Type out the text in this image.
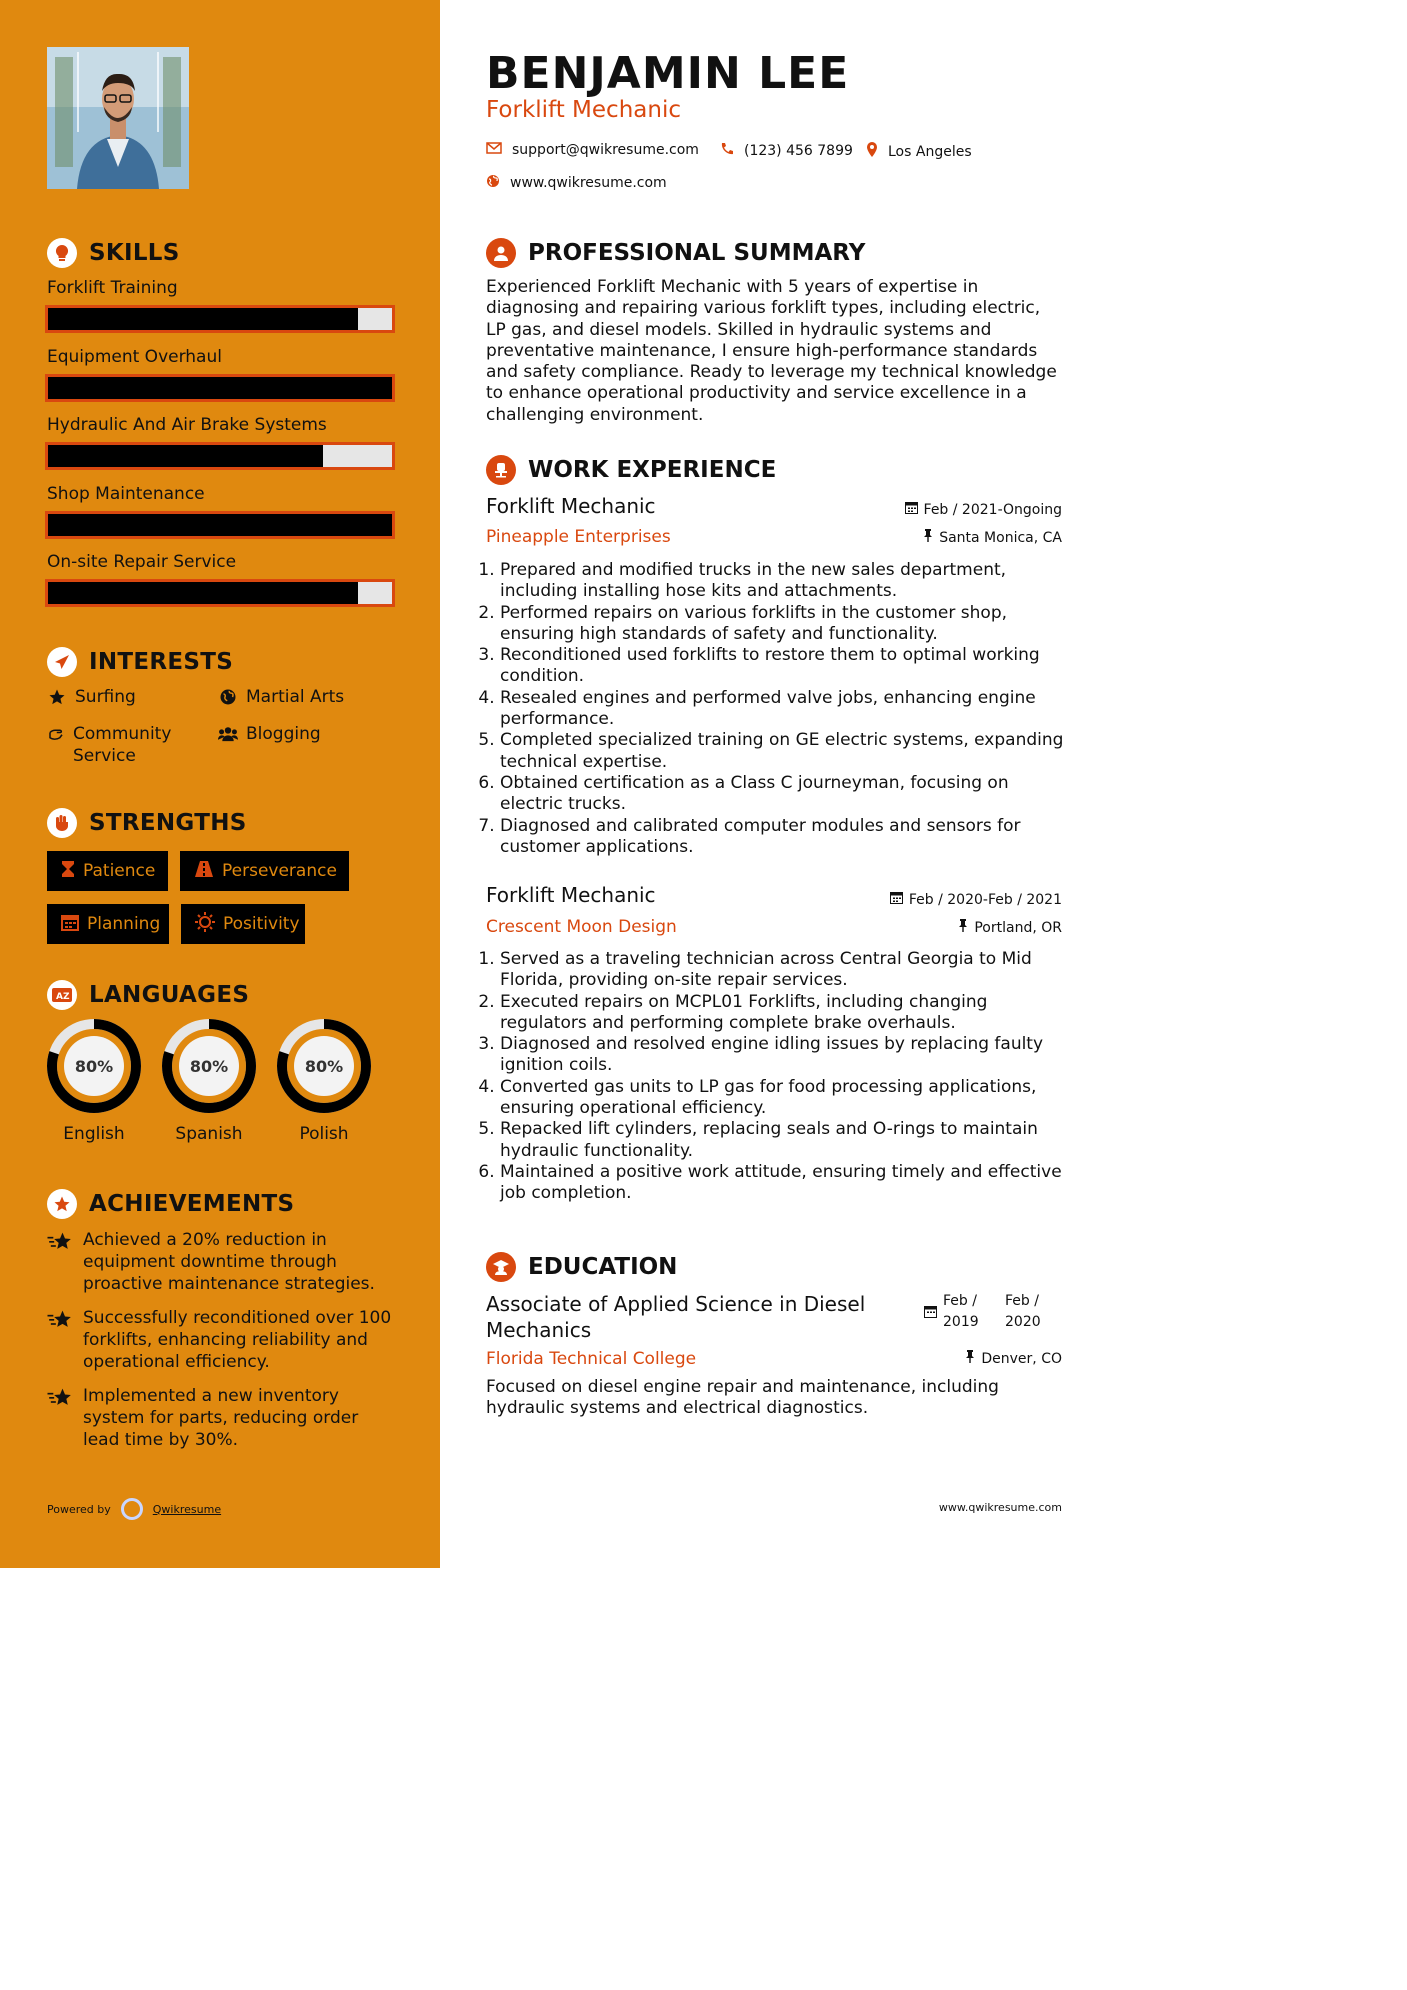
SKILLS
Forklift Training
Equipment Overhaul
Hydraulic And Air Brake Systems
Shop Maintenance
On-site Repair Service
INTERESTS
Surfing	Martial Arts
Community Service
Blogging
STRENGTHS
Patience	Perseverance
Planning	Positivity
A Z LANGUAGES
80%
English
80%
Spanish
80%
Polish
ACHIEVEMENTS
Achieved a 20% reduction in equipment downtime through proactive maintenance strategies.
Successfully reconditioned over 100 forklifts, enhancing reliability and operational efficiency.
Implemented a new inventory system for parts, reducing order lead time by 30%.
Powered by	Qwikresume
BENJAMIN LEE
Forklift Mechanic
support@qwikresume.com	(123) 456 7899	Los Angeles
www.qwikresume.com
PROFESSIONAL SUMMARY
Experienced Forklift Mechanic with 5 years of expertise in diagnosing and repairing various forklift types, including electric, LP gas, and diesel models. Skilled in hydraulic systems and preventative maintenance, I ensure high-performance standards and safety compliance. Ready to leverage my technical knowledge to enhance operational productivity and service excellence in a challenging environment.
WORK EXPERIENCE
Forklift Mechanic	Feb / 2021-Ongoing
Pineapple Enterprises	Santa Monica, CA
1. Prepared and modified trucks in the new sales department, including installing hose kits and attachments.
2. Performed repairs on various forklifts in the customer shop, ensuring high standards of safety and functionality.
3. Reconditioned used forklifts to restore them to optimal working condition.
4. Resealed engines and performed valve jobs, enhancing engine performance.
5. Completed specialized training on GE electric systems, expanding technical expertise.
6. Obtained certification as a Class C journeyman, focusing on electric trucks.
7. Diagnosed and calibrated computer modules and sensors for customer applications.
Forklift Mechanic	Feb / 2020-Feb / 2021
Crescent Moon Design	Portland, OR
1. Served as a traveling technician across Central Georgia to Mid Florida, providing on-site repair services.
2. Executed repairs on MCPL01 Forklifts, including changing regulators and performing complete brake overhauls.
3. Diagnosed and resolved engine idling issues by replacing faulty ignition coils.
4. Converted gas units to LP gas for food processing applications, ensuring operational efficiency.
5. Repacked lift cylinders, replacing seals and O-rings to maintain hydraulic functionality.
6. Maintained a positive work attitude, ensuring timely and effective job completion.
EDUCATION
Associate of Applied Science in Diesel Mechanics
Feb / 2019
Feb / 2020
Florida Technical College	Denver, CO
Focused on diesel engine repair and maintenance, including hydraulic systems and electrical diagnostics.
www.qwikresume.com
